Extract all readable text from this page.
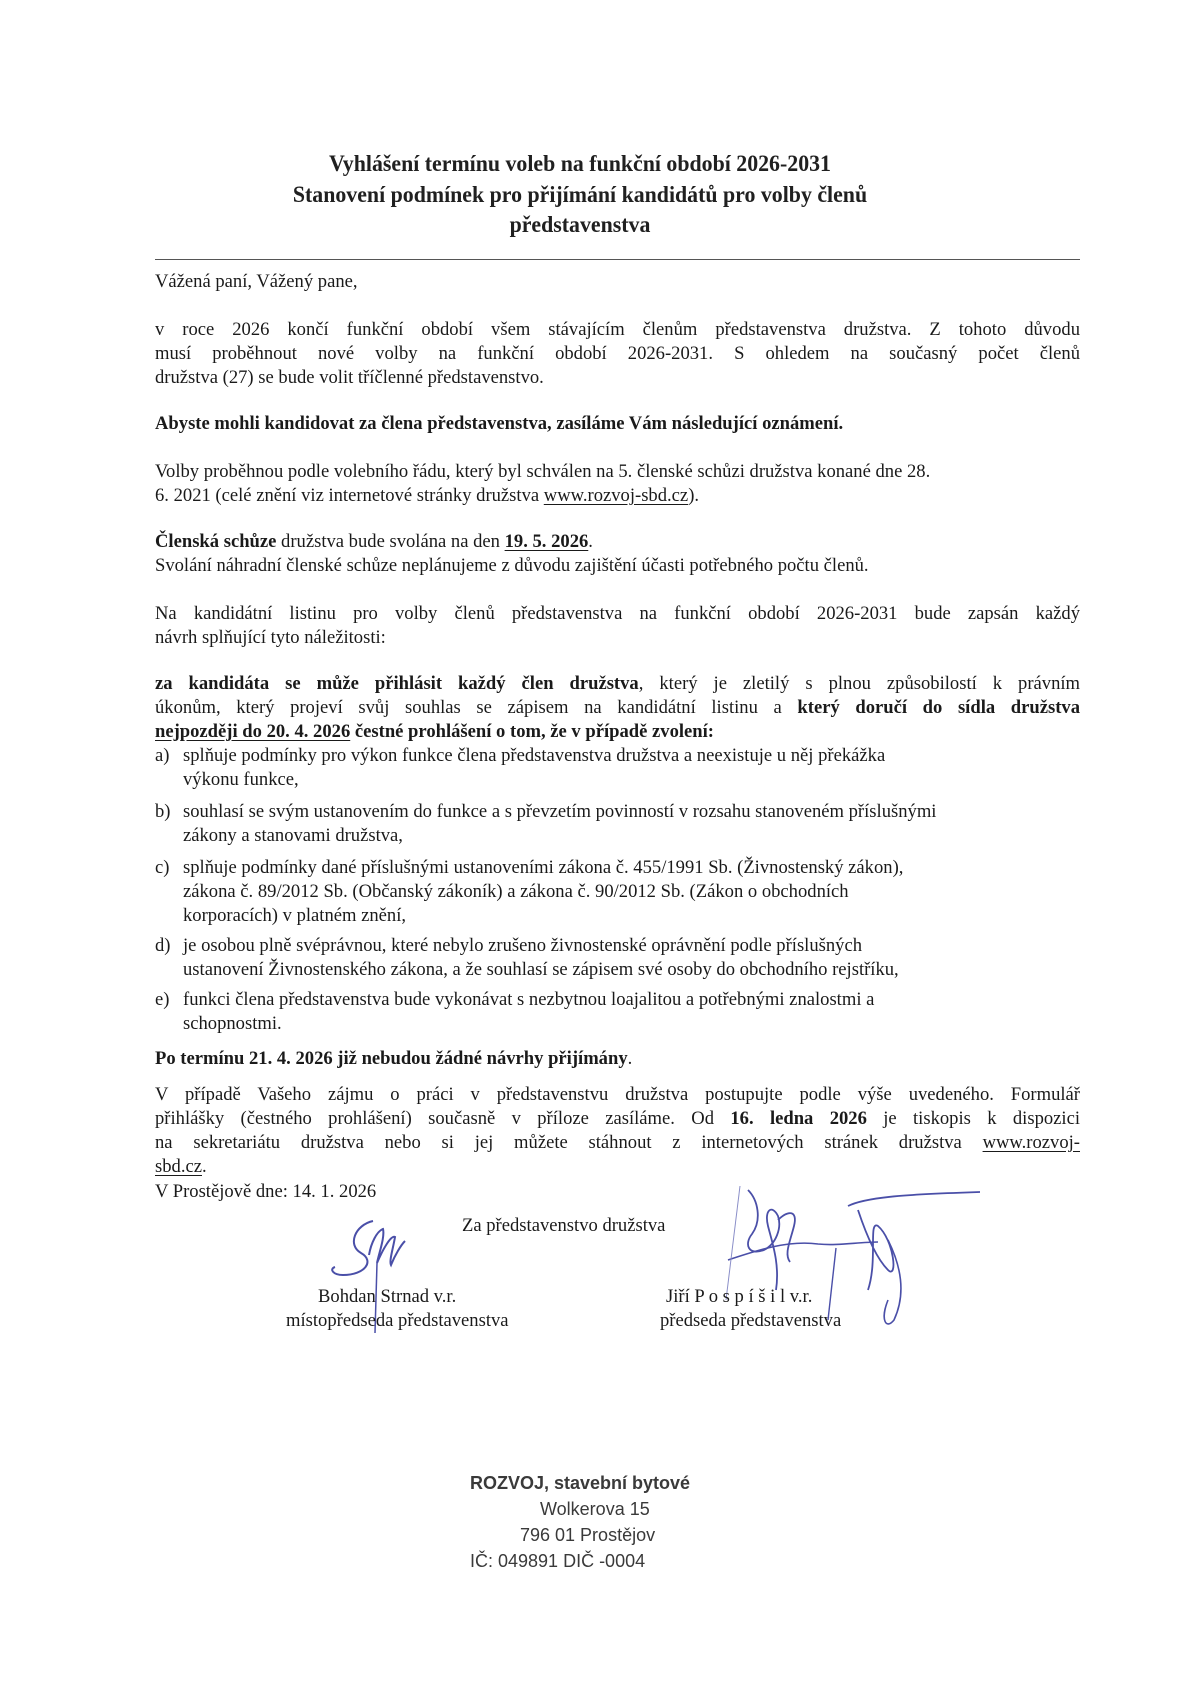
Vyhlášení termínu voleb na funkční období 2026-2031
Stanovení podmínek pro přijímání kandidátů pro volby členů
představenstva
Vážená paní, Vážený pane,
v roce 2026 končí funkční období všem stávajícím členům představenstva družstva. Z tohoto důvodu
musí proběhnout nové volby na funkční období 2026-2031. S ohledem na současný počet členů
družstva (27) se bude volit tříčlenné představenstvo.
Abyste mohli kandidovat za člena představenstva, zasíláme Vám následující oznámení.
Volby proběhnou podle volebního řádu, který byl schválen na 5. členské schůzi družstva konané dne 28.
6. 2021 (celé znění viz internetové stránky družstva www.rozvoj-sbd.cz).
Členská schůze družstva bude svolána na den 19. 5. 2026.
Svolání náhradní členské schůze neplánujeme z důvodu zajištění účasti potřebného počtu členů.
Na kandidátní listinu pro volby členů představenstva na funkční období 2026-2031 bude zapsán každý
návrh splňující tyto náležitosti:
za kandidáta se může přihlásit každý člen družstva, který je zletilý s plnou způsobilostí k právním
úkonům, který projeví svůj souhlas se zápisem na kandidátní listinu a který doručí do sídla družstva
nejpozději do 20. 4. 2026 čestné prohlášení o tom, že v případě zvolení:
a) splňuje podmínky pro výkon funkce člena představenstva družstva a neexistuje u něj překážka
výkonu funkce,
b) souhlasí se svým ustanovením do funkce a s převzetím povinností v rozsahu stanoveném příslušnými
zákony a stanovami družstva,
c) splňuje podmínky dané příslušnými ustanoveními zákona č. 455/1991 Sb. (Živnostenský zákon),
zákona č. 89/2012 Sb. (Občanský zákoník) a zákona č. 90/2012 Sb. (Zákon o obchodních
korporacích) v platném znění,
d) je osobou plně svéprávnou, které nebylo zrušeno živnostenské oprávnění podle příslušných
ustanovení Živnostenského zákona, a že souhlasí se zápisem své osoby do obchodního rejstříku,
e) funkci člena představenstva bude vykonávat s nezbytnou loajalitou a potřebnými znalostmi a
schopnostmi.
Po termínu 21. 4. 2026 již nebudou žádné návrhy přijímány.
V případě Vašeho zájmu o práci v představenstvu družstva postupujte podle výše uvedeného. Formulář
přihlášky (čestného prohlášení) současně v příloze zasíláme. Od 16. ledna 2026 je tiskopis k dispozici
na sekretariátu družstva nebo si jej můžete stáhnout z internetových stránek družstva www.rozvoj-
sbd.cz.
V Prostějově dne: 14. 1. 2026
Za představenstvo družstva
Bohdan Strnad v.r.
místopředseda představenstva
Jiří P o s p í š i l v.r.
předseda představenstva
ROZVOJ, stavební bytové
Wolkerova 15
796 01 Prostějov
IČ: 049891 DIČ -0004
